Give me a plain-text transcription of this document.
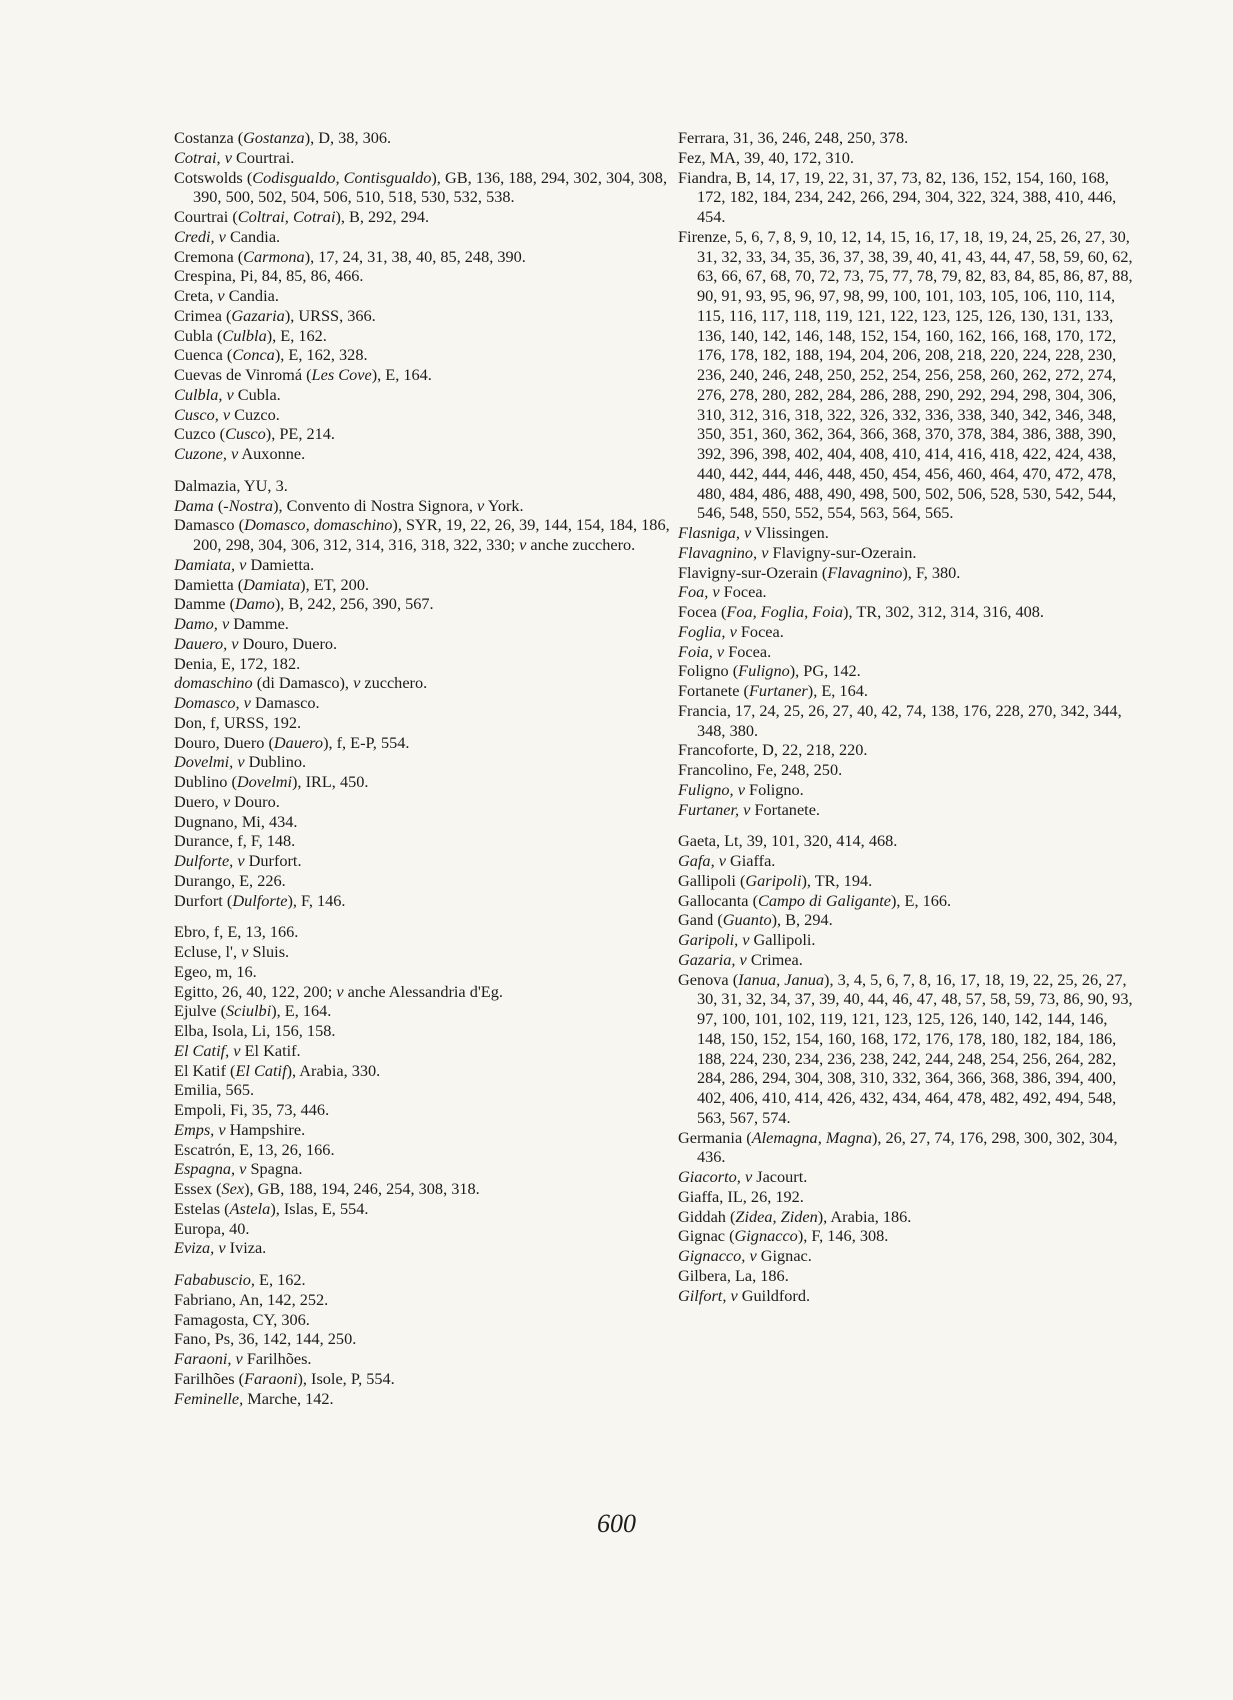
Costanza (Gostanza), D, 38, 306.
Cotrai, v Courtrai.
Cotswolds (Codisgualdo, Contisgualdo), GB, 136, 188, 294, 302, 304, 308, 390, 500, 502, 504, 506, 510, 518, 530, 532, 538.
Courtrai (Coltrai, Cotrai), B, 292, 294.
Credi, v Candia.
Cremona (Carmona), 17, 24, 31, 38, 40, 85, 248, 390.
Crespina, Pi, 84, 85, 86, 466.
Creta, v Candia.
Crimea (Gazaria), URSS, 366.
Cubla (Culbla), E, 162.
Cuenca (Conca), E, 162, 328.
Cuevas de Vinromá (Les Cove), E, 164.
Culbla, v Cubla.
Cusco, v Cuzco.
Cuzco (Cusco), PE, 214.
Cuzone, v Auxonne.
Dalmazia, YU, 3.
Dama (-Nostra), Convento di Nostra Signora, v York.
Damasco (Domasco, domaschino), SYR, 19, 22, 26, 39, 144, 154, 184, 186, 200, 298, 304, 306, 312, 314, 316, 318, 322, 330; v anche zucchero.
Damiata, v Damietta.
Damietta (Damiata), ET, 200.
Damme (Damo), B, 242, 256, 390, 567.
Damo, v Damme.
Dauero, v Douro, Duero.
Denia, E, 172, 182.
domaschino (di Damasco), v zucchero.
Domasco, v Damasco.
Don, f, URSS, 192.
Douro, Duero (Dauero), f, E-P, 554.
Dovelmi, v Dublino.
Dublino (Dovelmi), IRL, 450.
Duero, v Douro.
Dugnano, Mi, 434.
Durance, f, F, 148.
Dulforte, v Durfort.
Durango, E, 226.
Durfort (Dulforte), F, 146.
Ebro, f, E, 13, 166.
Ecluse, l', v Sluis.
Egeo, m, 16.
Egitto, 26, 40, 122, 200; v anche Alessandria d'Eg.
Ejulve (Sciulbi), E, 164.
Elba, Isola, Li, 156, 158.
El Catif, v El Katif.
El Katif (El Catif), Arabia, 330.
Emilia, 565.
Empoli, Fi, 35, 73, 446.
Emps, v Hampshire.
Escatrón, E, 13, 26, 166.
Espagna, v Spagna.
Essex (Sex), GB, 188, 194, 246, 254, 308, 318.
Estelas (Astela), Islas, E, 554.
Europa, 40.
Eviza, v Iviza.
Fababuscio, E, 162.
Fabriano, An, 142, 252.
Famagosta, CY, 306.
Fano, Ps, 36, 142, 144, 250.
Faraoni, v Farilhões.
Farilhões (Faraoni), Isole, P, 554.
Feminelle, Marche, 142.
Ferrara, 31, 36, 246, 248, 250, 378.
Fez, MA, 39, 40, 172, 310.
Fiandra, B, 14, 17, 19, 22, 31, 37, 73, 82, 136, 152, 154, 160, 168, 172, 182, 184, 234, 242, 266, 294, 304, 322, 324, 388, 410, 446, 454.
Firenze, 5, 6, 7, 8, 9, 10, 12, 14, 15, 16, 17, 18, 19, 24, 25, 26, 27, 30, 31, 32, 33, 34, 35, 36, 37, 38, 39, 40, 41, 43, 44, 47, 58, 59, 60, 62, 63, 66, 67, 68, 70, 72, 73, 75, 77, 78, 79, 82, 83, 84, 85, 86, 87, 88, 90, 91, 93, 95, 96, 97, 98, 99, 100, 101, 103, 105, 106, 110, 114, 115, 116, 117, 118, 119, 121, 122, 123, 125, 126, 130, 131, 133, 136, 140, 142, 146, 148, 152, 154, 160, 162, 166, 168, 170, 172, 176, 178, 182, 188, 194, 204, 206, 208, 218, 220, 224, 228, 230, 236, 240, 246, 248, 250, 252, 254, 256, 258, 260, 262, 272, 274, 276, 278, 280, 282, 284, 286, 288, 290, 292, 294, 298, 304, 306, 310, 312, 316, 318, 322, 326, 332, 336, 338, 340, 342, 346, 348, 350, 351, 360, 362, 364, 366, 368, 370, 378, 384, 386, 388, 390, 392, 396, 398, 402, 404, 408, 410, 414, 416, 418, 422, 424, 438, 440, 442, 444, 446, 448, 450, 454, 456, 460, 464, 470, 472, 478, 480, 484, 486, 488, 490, 498, 500, 502, 506, 528, 530, 542, 544, 546, 548, 550, 552, 554, 563, 564, 565.
Flasniga, v Vlissingen.
Flavagnino, v Flavigny-sur-Ozerain.
Flavigny-sur-Ozerain (Flavagnino), F, 380.
Foa, v Focea.
Focea (Foa, Foglia, Foia), TR, 302, 312, 314, 316, 408.
Foglia, v Focea.
Foia, v Focea.
Foligno (Fuligno), PG, 142.
Fortanete (Furtaner), E, 164.
Francia, 17, 24, 25, 26, 27, 40, 42, 74, 138, 176, 228, 270, 342, 344, 348, 380.
Francoforte, D, 22, 218, 220.
Francolino, Fe, 248, 250.
Fuligno, v Foligno.
Furtaner, v Fortanete.
Gaeta, Lt, 39, 101, 320, 414, 468.
Gafa, v Giaffa.
Gallipoli (Garipoli), TR, 194.
Gallocanta (Campo di Galigante), E, 166.
Gand (Guanto), B, 294.
Garipoli, v Gallipoli.
Gazaria, v Crimea.
Genova (Ianua, Janua), 3, 4, 5, 6, 7, 8, 16, 17, 18, 19, 22, 25, 26, 27, 30, 31, 32, 34, 37, 39, 40, 44, 46, 47, 48, 57, 58, 59, 73, 86, 90, 93, 97, 100, 101, 102, 119, 121, 123, 125, 126, 140, 142, 144, 146, 148, 150, 152, 154, 160, 168, 172, 176, 178, 180, 182, 184, 186, 188, 224, 230, 234, 236, 238, 242, 244, 248, 254, 256, 264, 282, 284, 286, 294, 304, 308, 310, 332, 364, 366, 368, 386, 394, 400, 402, 406, 410, 414, 426, 432, 434, 464, 478, 482, 492, 494, 548, 563, 567, 574.
Germania (Alemagna, Magna), 26, 27, 74, 176, 298, 300, 302, 304, 436.
Giacorto, v Jacourt.
Giaffa, IL, 26, 192.
Giddah (Zidea, Ziden), Arabia, 186.
Gignac (Gignacco), F, 146, 308.
Gignacco, v Gignac.
Gilbera, La, 186.
Gilfort, v Guildford.
600
